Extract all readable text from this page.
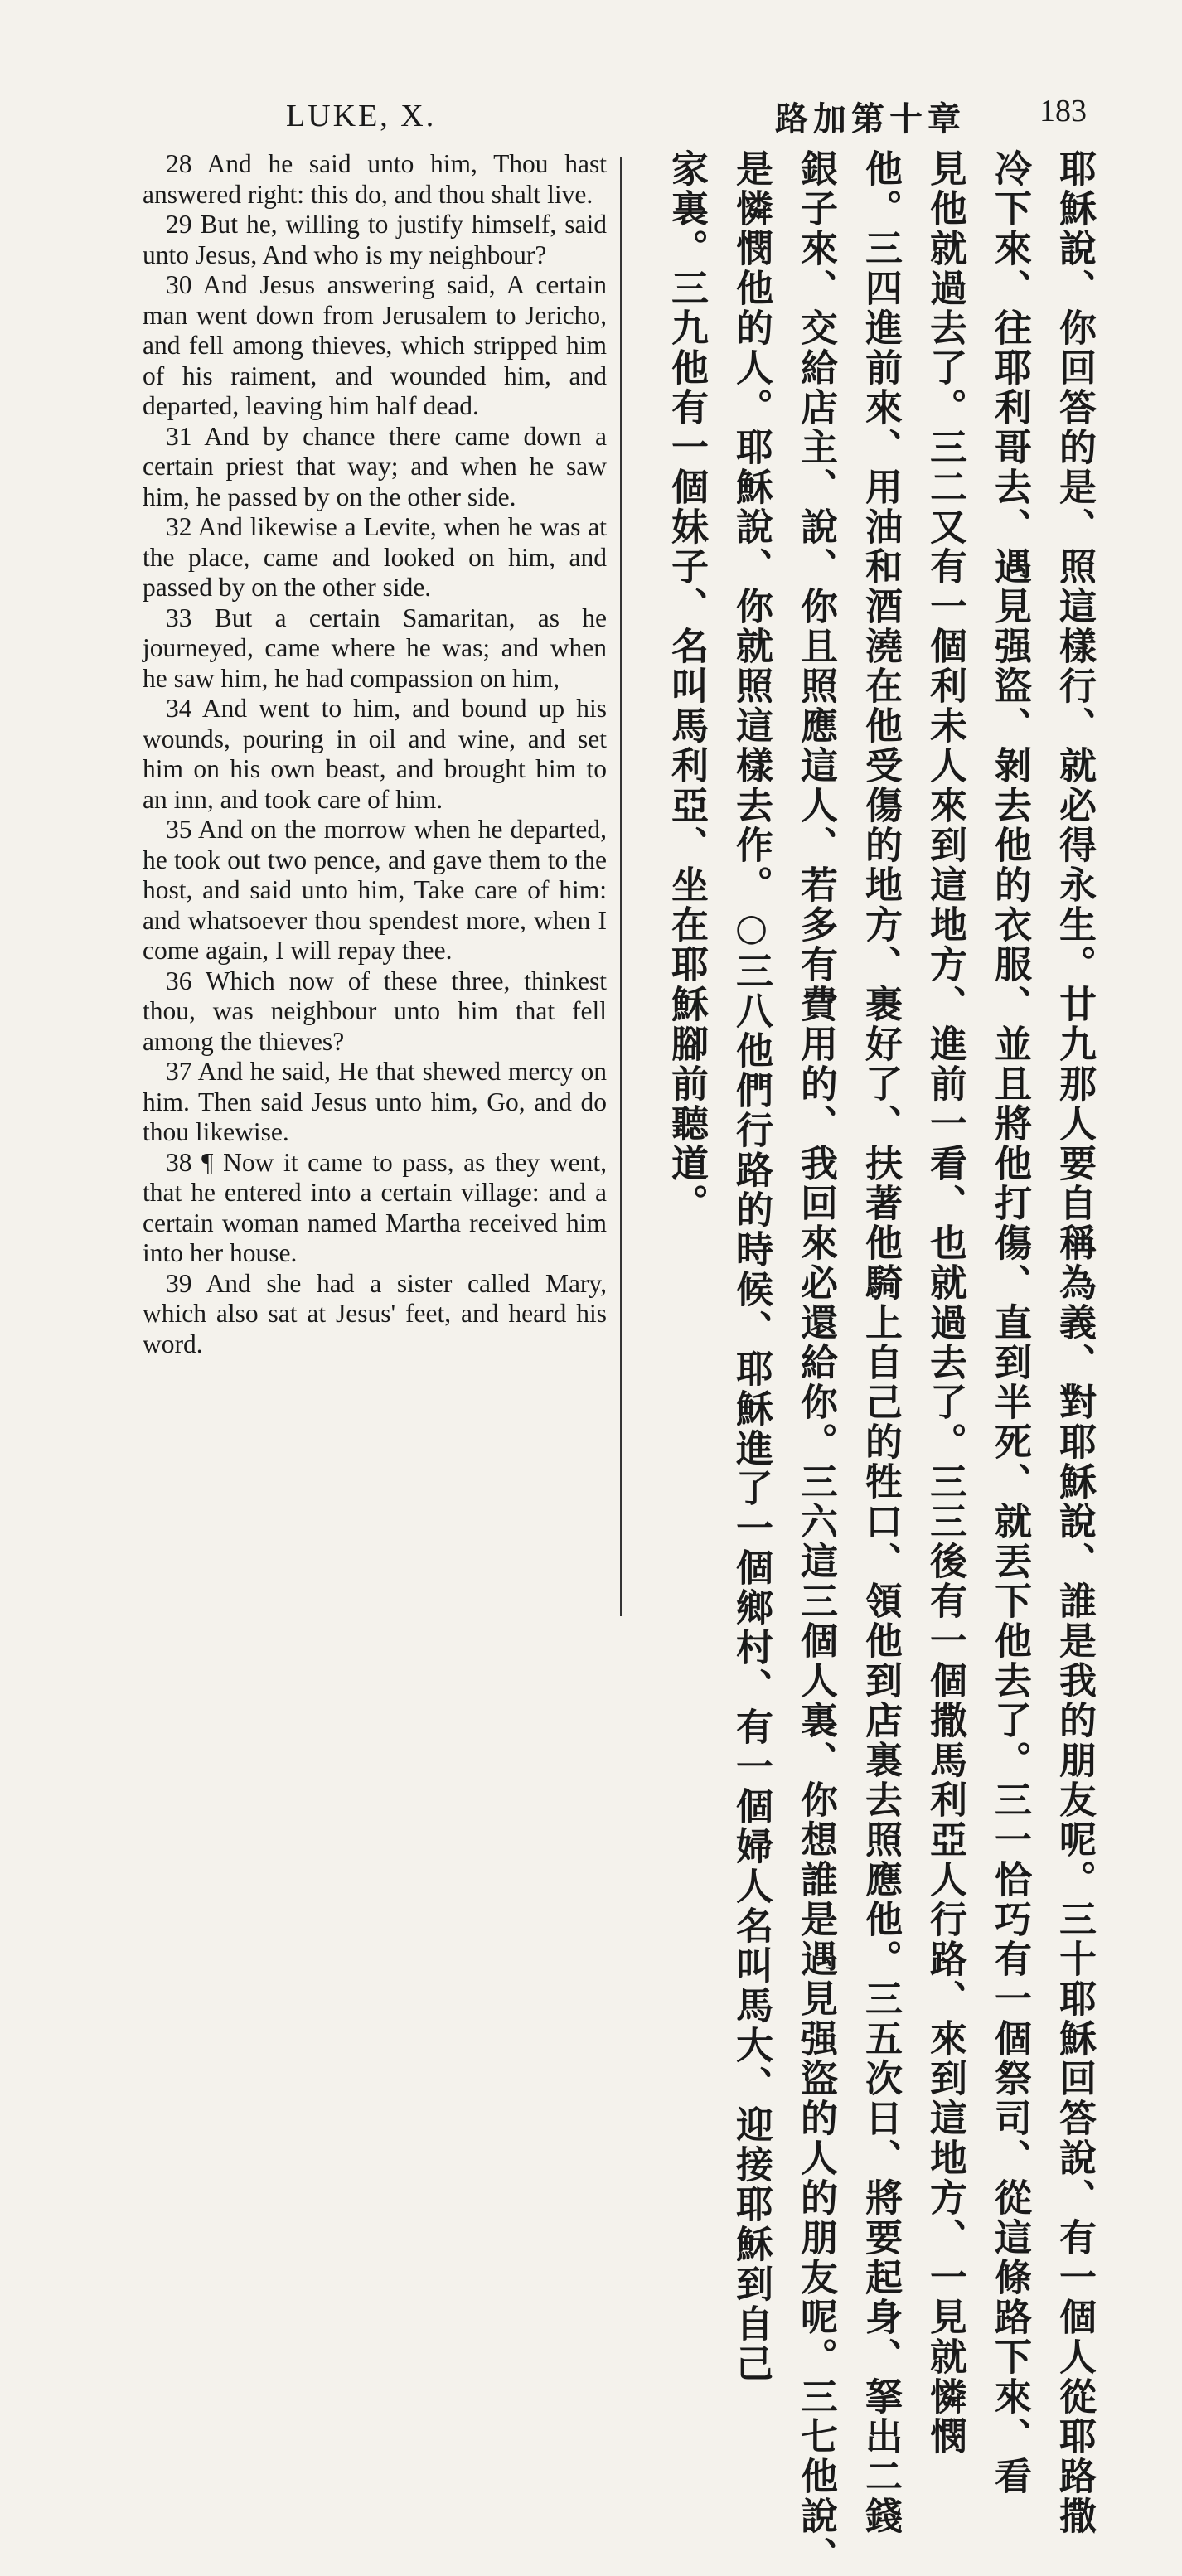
LUKE, X.	路加第十章 183

28 And he said unto him, Thou hast answered right: this do, and thou shalt live.

29 But he, willing to justify himself, said unto Jesus, And who is my neighbour?

30 And Jesus answering said, A certain man went down from Jerusalem to Jericho, and fell among thieves, which stripped him of his raiment, and wounded him, and departed, leaving him half dead.

31 And by chance there came down a certain priest that way; and when he saw him, he passed by on the other side.

32 And likewise a Levite, when he was at the place, came and looked on him, and passed by on the other side.

33 But a certain Samaritan, as he journeyed, came where he was; and when he saw him, he had compassion on him,

34 And went to him, and bound up his wounds, pouring in oil and wine, and set him on his own beast, and brought him to an inn, and took care of him.

35 And on the morrow when he departed, he took out two pence, and gave them to the host, and said unto him, Take care of him: and whatsoever thou spendest more, when I come again, I will repay thee.

36 Which now of these three, thinkest thou, was neighbour unto him that fell among the thieves?

37 And he said, He that shewed mercy on him. Then said Jesus unto him, Go, and do thou likewise.

38 ¶ Now it came to pass, as they went, that he entered into a certain village: and a certain woman named Martha received him into her house.

39 And she had a sister called Mary, which also sat at Jesus' feet, and heard his word.	耶穌說、你回答的是、照這樣行、就必得永生。廿九那人要自稱為義、對耶穌說、誰是我的朋友呢。三十耶穌回答說、有一個人從耶路撒
冷下來、往耶利哥去、遇見强盜、剝去他的衣服、並且將他打傷、直到半死、就丟下他去了。三一恰巧有一個祭司、從這條路下來、看
見他就過去了。三二又有一個利未人來到這地方、進前一看、也就過去了。三三後有一個撒馬利亞人行路、來到這地方、一見就憐憫
他。三四進前來、用油和酒澆在他受傷的地方、裹好了、扶著他騎上自己的牲口、領他到店裏去照應他。三五次日、將要起身、拏出二錢
銀子來、交給店主、說、你且照應這人、若多有費用的、我回來必還給你。三六這三個人裏、你想誰是遇見强盜的人的朋友呢。三七他說、
是憐憫他的人。耶穌說、你就照這樣去作。○三八他們行路的時候、耶穌進了一個鄉村、有一個婦人名叫馬大、迎接耶穌到自己
家裏。三九他有一個妹子、名叫馬利亞、坐在耶穌腳前聽道。
